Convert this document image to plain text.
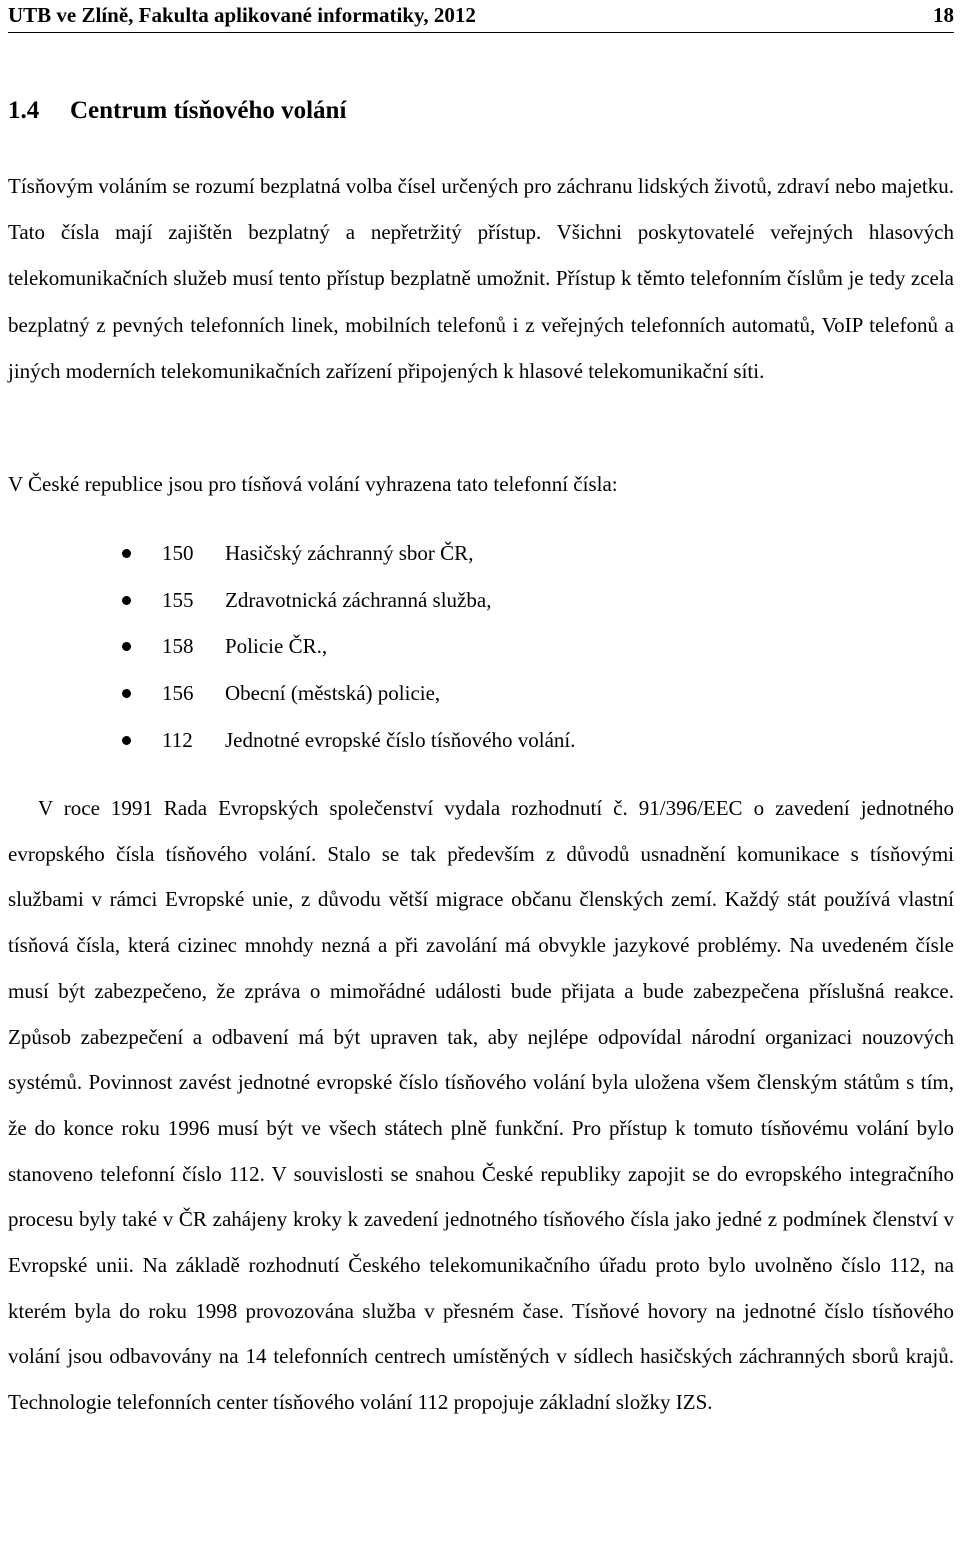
UTB ve Zlíně, Fakulta aplikované informatiky, 2012	18
1.4 Centrum tísňového volání

Tísňovým voláním se rozumí bezplatná volba čísel určených pro záchranu lidských životů, zdraví nebo majetku. Tato čísla mají zajištěn bezplatný a nepřetržitý přístup. Všichni poskytovatelé veřejných hlasových telekomunikačních služeb musí tento přístup bezplatně umožnit. Přístup k těmto telefonním číslům je tedy zcela bezplatný z pevných telefonních linek, mobilních telefonů i z veřejných telefonních automatů, VoIP telefonů a jiných moderních telekomunikačních zařízení připojených k hlasové telekomunikační síti.

V České republice jsou pro tísňová volání vyhrazena tato telefonní čísla:

150	Hasičský záchranný sbor ČR,
155	Zdravotnická záchranná služba,
158	Policie ČR.,
156	Obecní (městská) policie,
112	Jednotné evropské číslo tísňového volání.

V roce 1991 Rada Evropských společenství vydala rozhodnutí č. 91/396/EEC o zavedení jednotného evropského čísla tísňového volání. Stalo se tak především z důvodů usnadnění komunikace s tísňovými službami v rámci Evropské unie, z důvodu větší migrace občanu členských zemí. Každý stát používá vlastní tísňová čísla, která cizinec mnohdy nezná a při zavolání má obvykle jazykové problémy. Na uvedeném čísle musí být zabezpečeno, že zpráva o mimořádné události bude přijata a bude zabezpečena příslušná reakce. Způsob zabezpečení a odbavení má být upraven tak, aby nejlépe odpovídal národní organizaci nouzových systémů. Povinnost zavést jednotné evropské číslo tísňového volání byla uložena všem členským státům s tím, že do konce roku 1996 musí být ve všech státech plně funkční. Pro přístup k tomuto tísňovému volání bylo stanoveno telefonní číslo 112. V souvislosti se snahou České republiky zapojit se do evropského integračního procesu byly také v ČR zahájeny kroky k zavedení jednotného tísňového čísla jako jedné z podmínek členství v Evropské unii. Na základě rozhodnutí Českého telekomunikačního úřadu proto bylo uvolněno číslo 112, na kterém byla do roku 1998 provozována služba v přesném čase. Tísňové hovory na jednotné číslo tísňového volání jsou odbavovány na 14 telefonních centrech umístěných v sídlech hasičských záchranných sborů krajů. Technologie telefonních center tísňového volání 112 propojuje základní složky IZS.
